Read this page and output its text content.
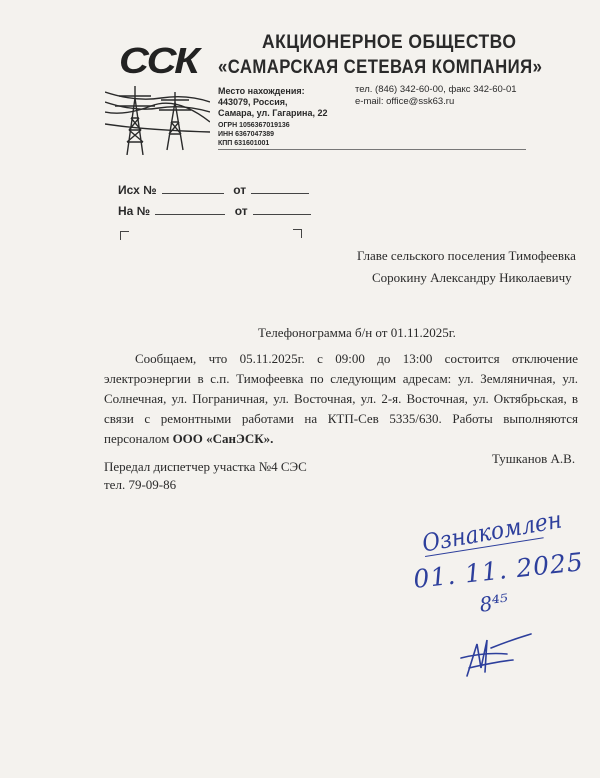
ССК	АКЦИОНЕРНОЕ ОБЩЕСТВО
«САМАРСКАЯ СЕТЕВАЯ КОМПАНИЯ»
Место нахождения:
443079, Россия,
Самара, ул. Гагарина, 22
ОГРН 1056367019136
ИНН 6367047389
КПП 631601001
тел. (846) 342-60-00, факс 342-60-01
e-mail: office@ssk63.ru
Исх №	от
На №	от
Главе сельского поселения Тимофеевка
Сорокину Александру Николаевичу
Телефонограмма б/н от 01.11.2025г.
Сообщаем, что 05.11.2025г. с 09:00 до 13:00 состоится отключение электроэнергии в с.п. Тимофеевка по следующим адресам: ул. Земляничная, ул. Солнечная, ул. Пограничная, ул. Восточная, ул. 2-я. Восточная, ул. Октябрьская, в связи с ремонтными работами на КТП-Сев 5335/630. Работы выполняются персоналом ООО «СанЭСК».
Передал диспетчер участка №4 СЭС
тел. 79-09-86
Тушканов А.В.
Ознакомлен
01. 11. 2025
8⁴⁵
